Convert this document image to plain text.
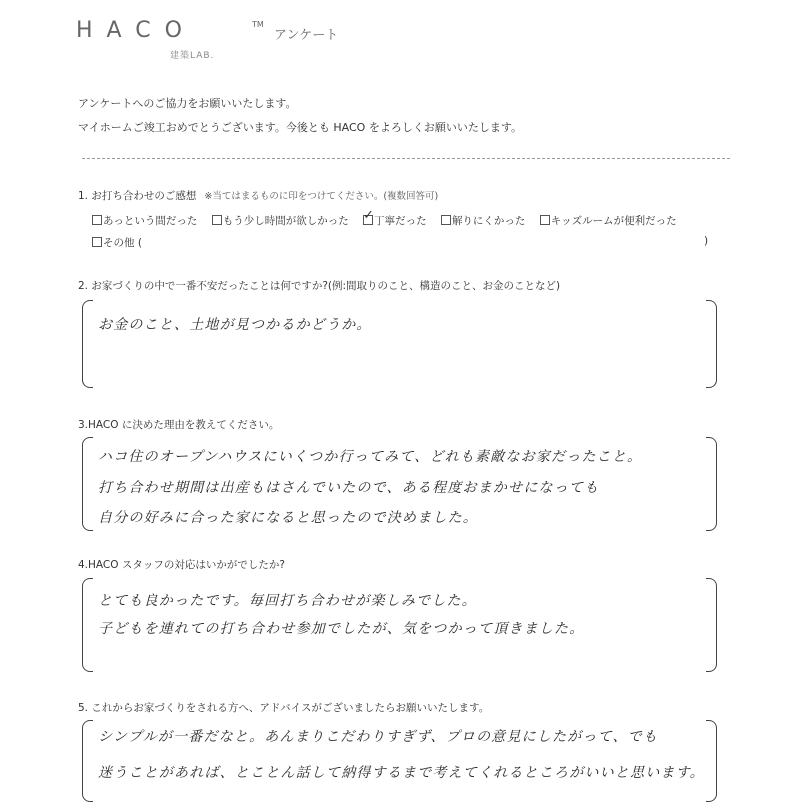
HACO	TM
アンケート
建築LAB.
アンケートへのご協力をお願いいたします。
マイホームご竣工おめでとうございます。今後とも HACO をよろしくお願いいたします。
1. お打ち合わせのご感想 ※当てはまるものに印をつけてください。(複数回答可)
あっという間だった もう少し時間が欲しかった ✓ 丁寧だった 解りにくかった キッズルームが便利だった
その他 (	)
2. お家づくりの中で一番不安だったことは何ですか?(例:間取りのこと、構造のこと、お金のことなど)
お金のこと、土地が見つかるかどうか。
3.HACO に決めた理由を教えてください。
ハコ住のオープンハウスにいくつか行ってみて、どれも素敵なお家だったこと。
打ち合わせ期間は出産もはさんでいたので、ある程度おまかせになっても
自分の好みに合った家になると思ったので決めました。
4.HACO スタッフの対応はいかがでしたか?
とても良かったです。毎回打ち合わせが楽しみでした。
子どもを連れての打ち合わせ参加でしたが、気をつかって頂きました。
5. これからお家づくりをされる方へ、アドバイスがございましたらお願いいたします。
シンプルが一番だなと。あんまりこだわりすぎず、プロの意見にしたがって、でも
迷うことがあれば、とことん話して納得するまで考えてくれるところがいいと思います。
